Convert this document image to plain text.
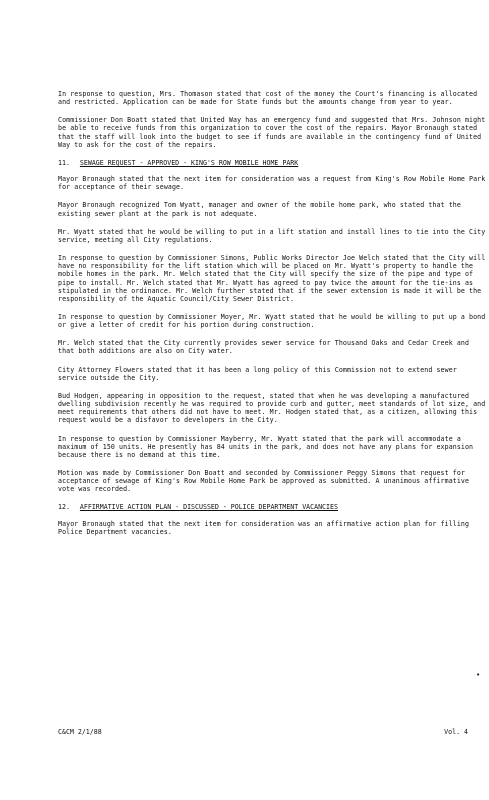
In response to question, Mrs. Thomason stated that cost of the money the Court's financing is allocated and restricted. Application can be made for State funds but the amounts change from year to year.

Commissioner Don Boatt stated that United Way has an emergency fund and suggested that Mrs. Johnson might be able to receive funds from this organization to cover the cost of the repairs. Mayor Bronaugh stated that the staff will look into the budget to see if funds are available in the contingency fund of United Way to ask for the cost of the repairs.

11. SEWAGE REQUEST - APPROVED - KING'S ROW MOBILE HOME PARK

Mayor Bronaugh stated that the next item for consideration was a request from King's Row Mobile Home Park for acceptance of their sewage.

Mayor Bronaugh recognized Tom Wyatt, manager and owner of the mobile home park, who stated that the existing sewer plant at the park is not adequate.

Mr. Wyatt stated that he would be willing to put in a lift station and install lines to tie into the City service, meeting all City regulations.

In response to question by Commissioner Simons, Public Works Director Joe Welch stated that the City will have no responsibility for the lift station which will be placed on Mr. Wyatt's property to handle the mobile homes in the park. Mr. Welch stated that the City will specify the size of the pipe and type of pipe to install. Mr. Welch stated that Mr. Wyatt has agreed to pay twice the amount for the tie-ins as stipulated in the ordinance. Mr. Welch further stated that if the sewer extension is made it will be the responsibility of the Aquatic Council/City Sewer District.

In response to question by Commissioner Moyer, Mr. Wyatt stated that he would be willing to put up a bond or give a letter of credit for his portion during construction.

Mr. Welch stated that the City currently provides sewer service for Thousand Oaks and Cedar Creek and that both additions are also on City water.

City Attorney Flowers stated that it has been a long policy of this Commission not to extend sewer service outside the City.

Bud Hodgen, appearing in opposition to the request, stated that when he was developing a manufactured dwelling subdivision recently he was required to provide curb and gutter, meet standards of lot size, and meet requirements that others did not have to meet. Mr. Hodgen stated that, as a citizen, allowing this request would be a disfavor to developers in the City.

In response to question by Commissioner Mayberry, Mr. Wyatt stated that the park will accommodate a maximum of 150 units. He presently has 84 units in the park, and does not have any plans for expansion because there is no demand at this time.

Motion was made by Commissioner Don Boatt and seconded by Commissioner Peggy Simons that request for acceptance of sewage of King's Row Mobile Home Park be approved as submitted. A unanimous affirmative vote was recorded.

12. AFFIRMATIVE ACTION PLAN - DISCUSSED - POLICE DEPARTMENT VACANCIES

Mayor Bronaugh stated that the next item for consideration was an affirmative action plan for filling Police Department vacancies.

C&CM 2/1/88	Vol. 4
•
